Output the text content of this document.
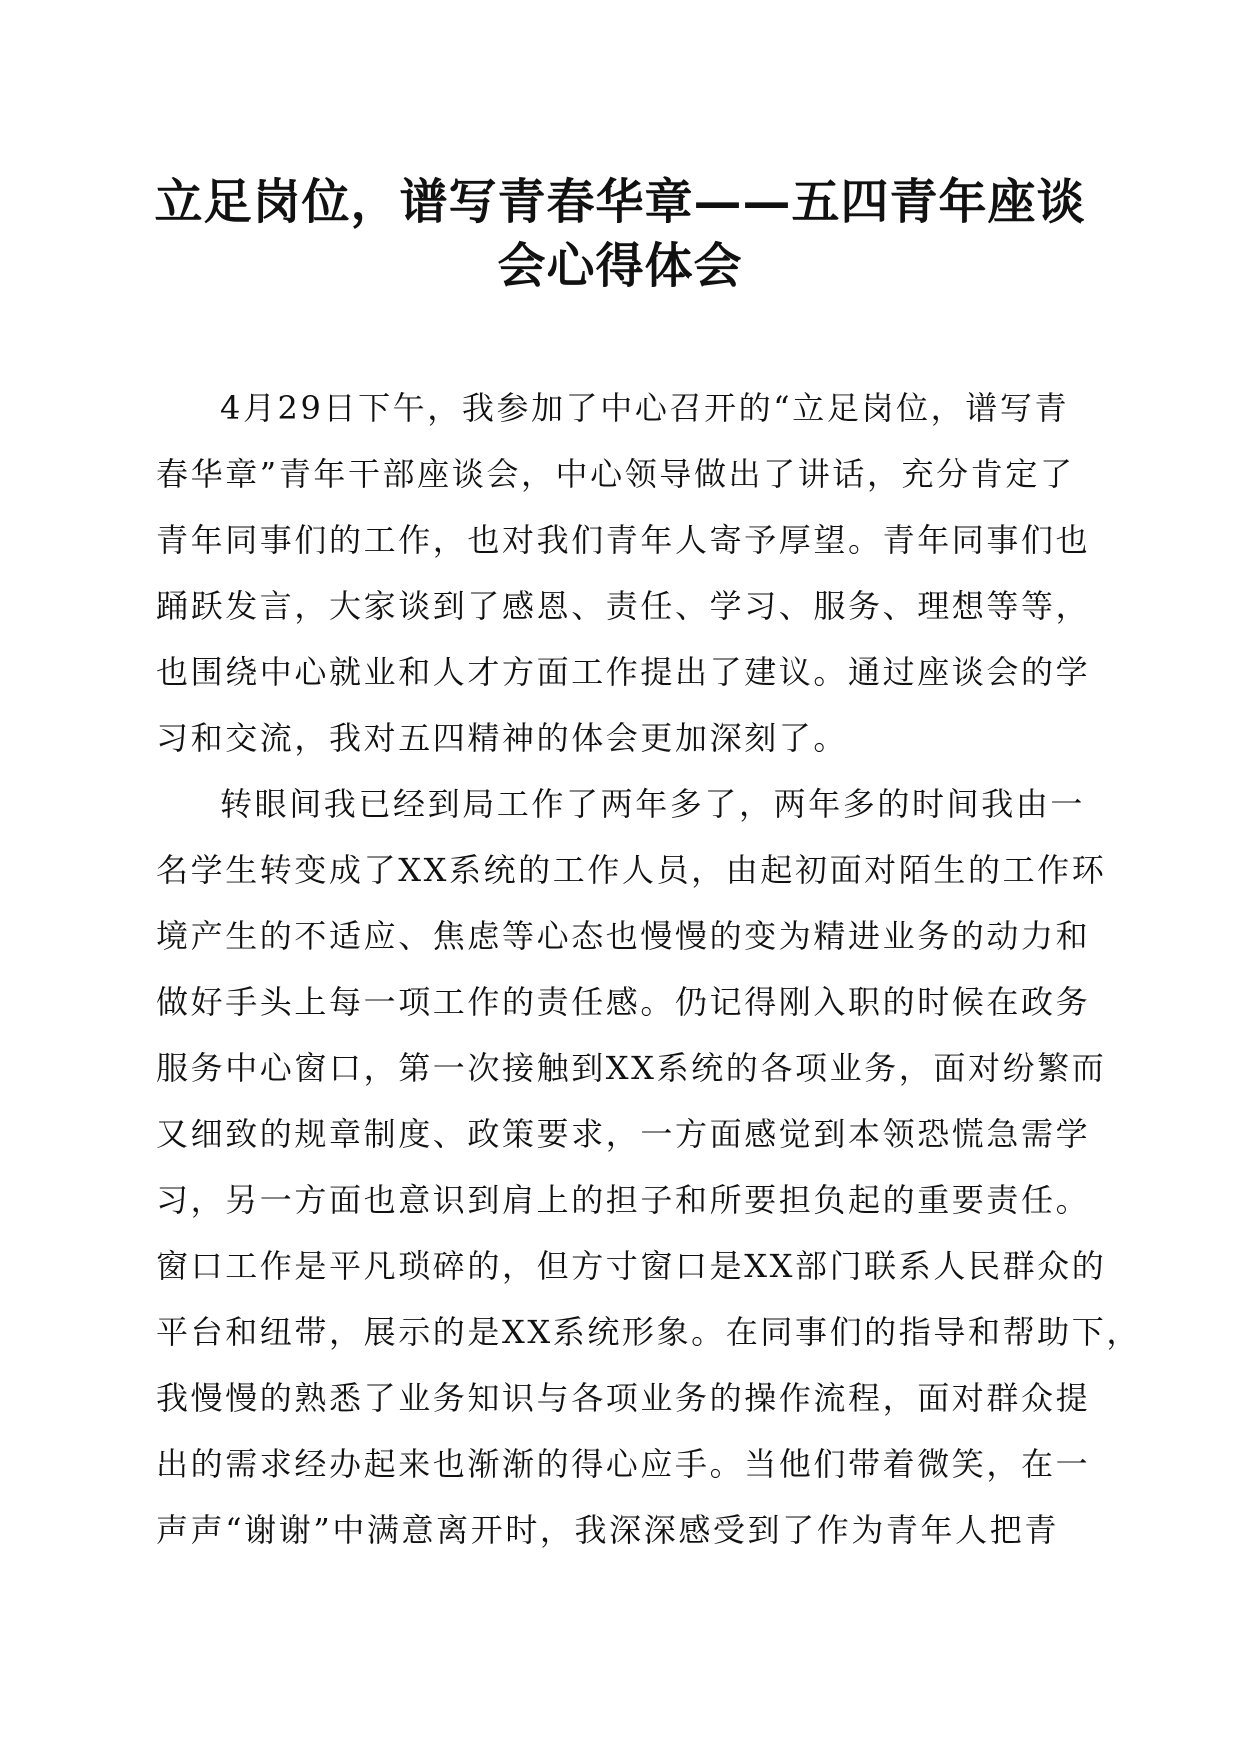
立足岗位，谱写青春华章——五四青年座谈
会心得体会
4月29日下午，我参加了中心召开的“立足岗位，谱写青
春华章”青年干部座谈会，中心领导做出了讲话，充分肯定了
青年同事们的工作，也对我们青年人寄予厚望。青年同事们也
踊跃发言，大家谈到了感恩、责任、学习、服务、理想等等，
也围绕中心就业和人才方面工作提出了建议。通过座谈会的学
习和交流，我对五四精神的体会更加深刻了。
转眼间我已经到局工作了两年多了，两年多的时间我由一
名学生转变成了XX系统的工作人员，由起初面对陌生的工作环
境产生的不适应、焦虑等心态也慢慢的变为精进业务的动力和
做好手头上每一项工作的责任感。仍记得刚入职的时候在政务
服务中心窗口，第一次接触到XX系统的各项业务，面对纷繁而
又细致的规章制度、政策要求，一方面感觉到本领恐慌急需学
习，另一方面也意识到肩上的担子和所要担负起的重要责任。
窗口工作是平凡琐碎的，但方寸窗口是XX部门联系人民群众的
平台和纽带，展示的是XX系统形象。在同事们的指导和帮助下，
我慢慢的熟悉了业务知识与各项业务的操作流程，面对群众提
出的需求经办起来也渐渐的得心应手。当他们带着微笑，在一
声声“谢谢”中满意离开时，我深深感受到了作为青年人把青
